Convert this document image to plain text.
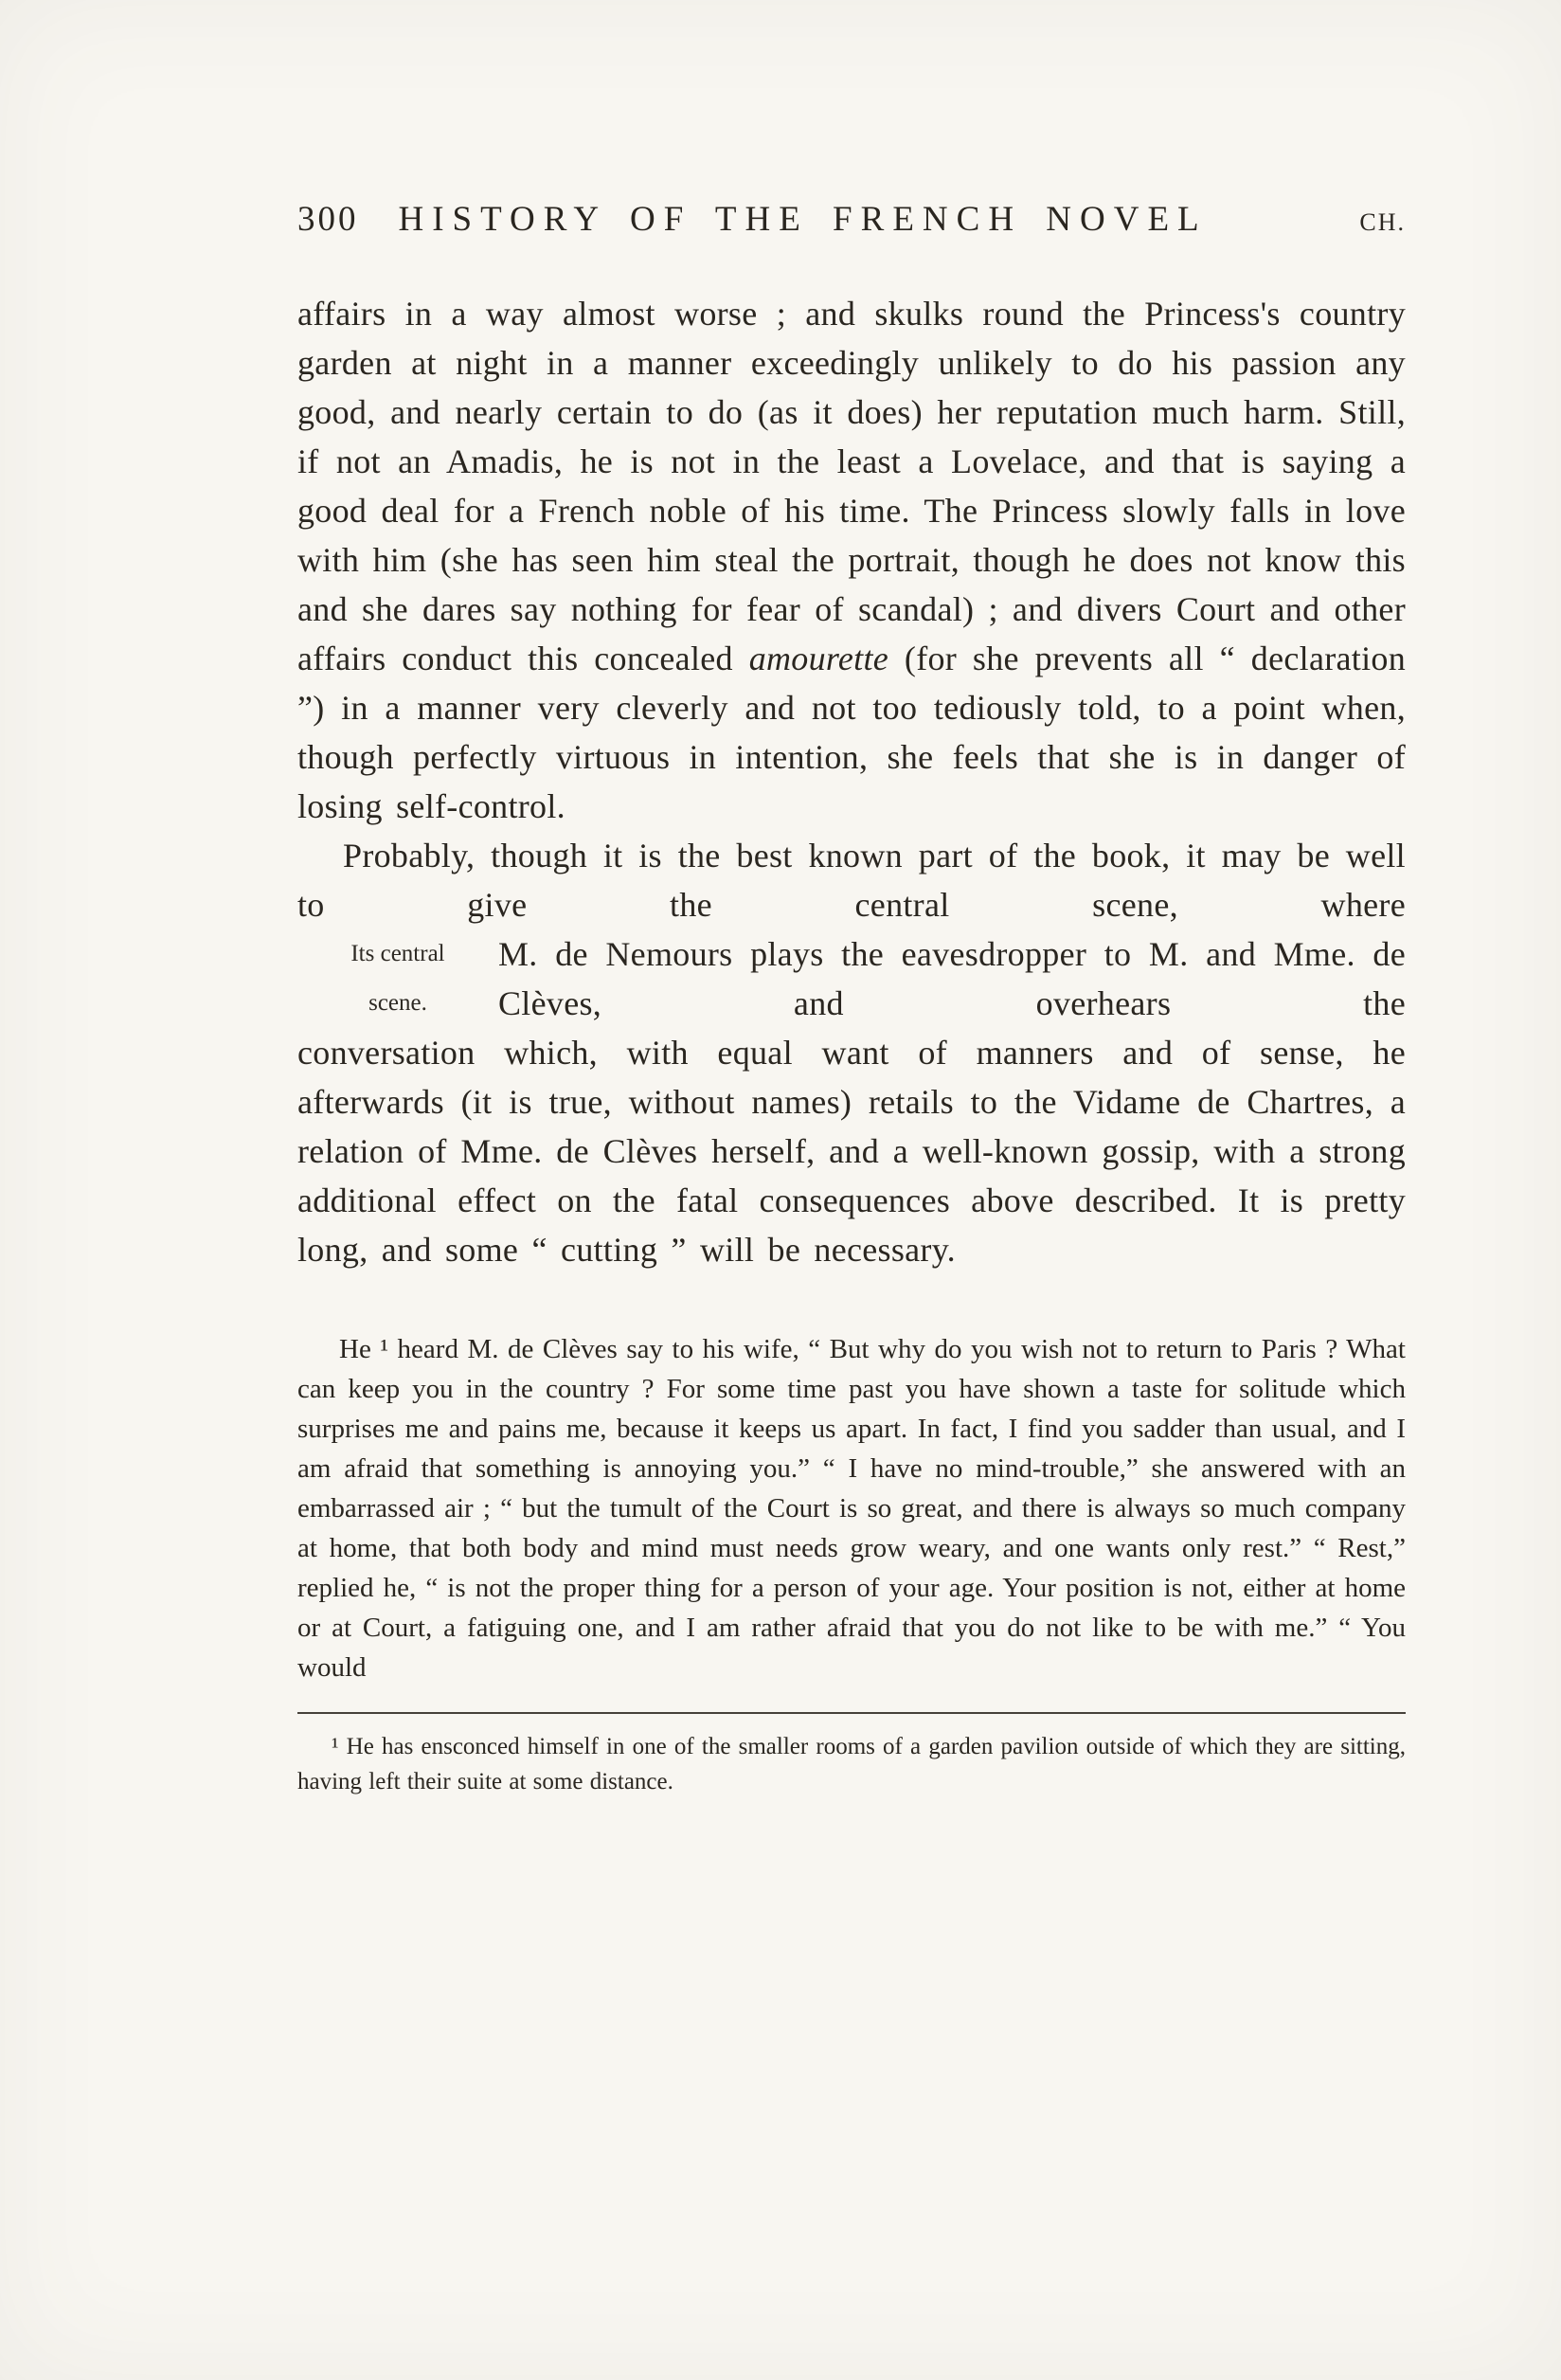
300 HISTORY OF THE FRENCH NOVEL	CH.

affairs in a way almost worse ; and skulks round the Princess's country garden at night in a manner exceedingly unlikely to do his passion any good, and nearly certain to do (as it does) her reputation much harm. Still, if not an Amadis, he is not in the least a Lovelace, and that is saying a good deal for a French noble of his time. The Princess slowly falls in love with him (she has seen him steal the portrait, though he does not know this and she dares say nothing for fear of scandal) ; and divers Court and other affairs conduct this concealed amourette (for she prevents all “ declaration ”) in a manner very cleverly and not too tediously told, to a point when, though perfectly virtuous in intention, she feels that she is in danger of losing self-control.

Probably, though it is the best known part of the book, it may be well to give the central scene, where

Its central
scene.
M. de Nemours plays the eavesdropper to M. and Mme. de Clèves, and overhears the

conversation which, with equal want of manners and of sense, he afterwards (it is true, without names) retails to the Vidame de Chartres, a relation of Mme. de Clèves herself, and a well-known gossip, with a strong additional effect on the fatal consequences above described. It is pretty long, and some “ cutting ” will be necessary.

He ¹ heard M. de Clèves say to his wife, “ But why do you wish not to return to Paris ? What can keep you in the country ? For some time past you have shown a taste for solitude which surprises me and pains me, because it keeps us apart. In fact, I find you sadder than usual, and I am afraid that something is annoying you.” “ I have no mind-trouble,” she answered with an embarrassed air ; “ but the tumult of the Court is so great, and there is always so much company at home, that both body and mind must needs grow weary, and one wants only rest.” “ Rest,” replied he, “ is not the proper thing for a person of your age. Your position is not, either at home or at Court, a fatiguing one, and I am rather afraid that you do not like to be with me.” “ You would

¹ He has ensconced himself in one of the smaller rooms of a garden pavilion outside of which they are sitting, having left their suite at some distance.
